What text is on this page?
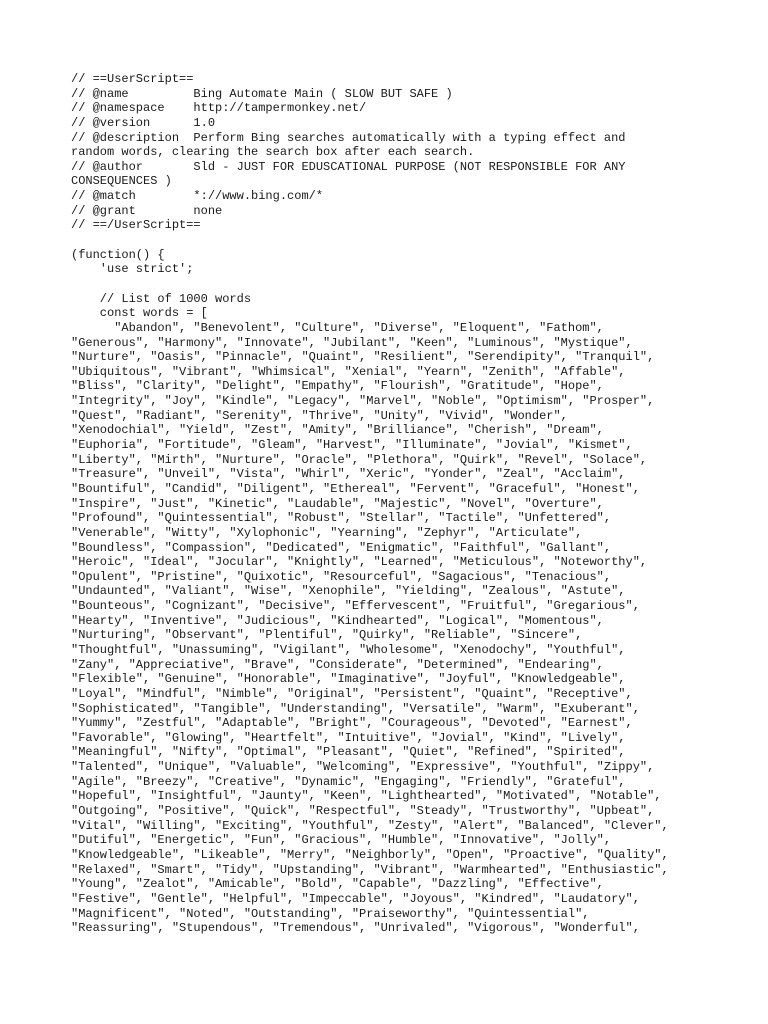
// ==UserScript==
// @name         Bing Automate Main ( SLOW BUT SAFE )
// @namespace    http://tampermonkey.net/
// @version      1.0
// @description  Perform Bing searches automatically with a typing effect and
random words, clearing the search box after each search.
// @author       Sld - JUST FOR EDUSCATIONAL PURPOSE (NOT RESPONSIBLE FOR ANY
CONSEQUENCES )
// @match        *://www.bing.com/*
// @grant        none
// ==/UserScript==

(function() {
'use strict';

// List of 1000 words
const words = [
"Abandon", "Benevolent", "Culture", "Diverse", "Eloquent", "Fathom",
"Generous", "Harmony", "Innovate", "Jubilant", "Keen", "Luminous", "Mystique",
"Nurture", "Oasis", "Pinnacle", "Quaint", "Resilient", "Serendipity", "Tranquil",
"Ubiquitous", "Vibrant", "Whimsical", "Xenial", "Yearn", "Zenith", "Affable",
"Bliss", "Clarity", "Delight", "Empathy", "Flourish", "Gratitude", "Hope",
"Integrity", "Joy", "Kindle", "Legacy", "Marvel", "Noble", "Optimism", "Prosper",
"Quest", "Radiant", "Serenity", "Thrive", "Unity", "Vivid", "Wonder",
"Xenodochial", "Yield", "Zest", "Amity", "Brilliance", "Cherish", "Dream",
"Euphoria", "Fortitude", "Gleam", "Harvest", "Illuminate", "Jovial", "Kismet",
"Liberty", "Mirth", "Nurture", "Oracle", "Plethora", "Quirk", "Revel", "Solace",
"Treasure", "Unveil", "Vista", "Whirl", "Xeric", "Yonder", "Zeal", "Acclaim",
"Bountiful", "Candid", "Diligent", "Ethereal", "Fervent", "Graceful", "Honest",
"Inspire", "Just", "Kinetic", "Laudable", "Majestic", "Novel", "Overture",
"Profound", "Quintessential", "Robust", "Stellar", "Tactile", "Unfettered",
"Venerable", "Witty", "Xylophonic", "Yearning", "Zephyr", "Articulate",
"Boundless", "Compassion", "Dedicated", "Enigmatic", "Faithful", "Gallant",
"Heroic", "Ideal", "Jocular", "Knightly", "Learned", "Meticulous", "Noteworthy",
"Opulent", "Pristine", "Quixotic", "Resourceful", "Sagacious", "Tenacious",
"Undaunted", "Valiant", "Wise", "Xenophile", "Yielding", "Zealous", "Astute",
"Bounteous", "Cognizant", "Decisive", "Effervescent", "Fruitful", "Gregarious",
"Hearty", "Inventive", "Judicious", "Kindhearted", "Logical", "Momentous",
"Nurturing", "Observant", "Plentiful", "Quirky", "Reliable", "Sincere",
"Thoughtful", "Unassuming", "Vigilant", "Wholesome", "Xenodochy", "Youthful",
"Zany", "Appreciative", "Brave", "Considerate", "Determined", "Endearing",
"Flexible", "Genuine", "Honorable", "Imaginative", "Joyful", "Knowledgeable",
"Loyal", "Mindful", "Nimble", "Original", "Persistent", "Quaint", "Receptive",
"Sophisticated", "Tangible", "Understanding", "Versatile", "Warm", "Exuberant",
"Yummy", "Zestful", "Adaptable", "Bright", "Courageous", "Devoted", "Earnest",
"Favorable", "Glowing", "Heartfelt", "Intuitive", "Jovial", "Kind", "Lively",
"Meaningful", "Nifty", "Optimal", "Pleasant", "Quiet", "Refined", "Spirited",
"Talented", "Unique", "Valuable", "Welcoming", "Expressive", "Youthful", "Zippy",
"Agile", "Breezy", "Creative", "Dynamic", "Engaging", "Friendly", "Grateful",
"Hopeful", "Insightful", "Jaunty", "Keen", "Lighthearted", "Motivated", "Notable",
"Outgoing", "Positive", "Quick", "Respectful", "Steady", "Trustworthy", "Upbeat",
"Vital", "Willing", "Exciting", "Youthful", "Zesty", "Alert", "Balanced", "Clever",
"Dutiful", "Energetic", "Fun", "Gracious", "Humble", "Innovative", "Jolly",
"Knowledgeable", "Likeable", "Merry", "Neighborly", "Open", "Proactive", "Quality",
"Relaxed", "Smart", "Tidy", "Upstanding", "Vibrant", "Warmhearted", "Enthusiastic",
"Young", "Zealot", "Amicable", "Bold", "Capable", "Dazzling", "Effective",
"Festive", "Gentle", "Helpful", "Impeccable", "Joyous", "Kindred", "Laudatory",
"Magnificent", "Noted", "Outstanding", "Praiseworthy", "Quintessential",
"Reassuring", "Stupendous", "Tremendous", "Unrivaled", "Vigorous", "Wonderful",
